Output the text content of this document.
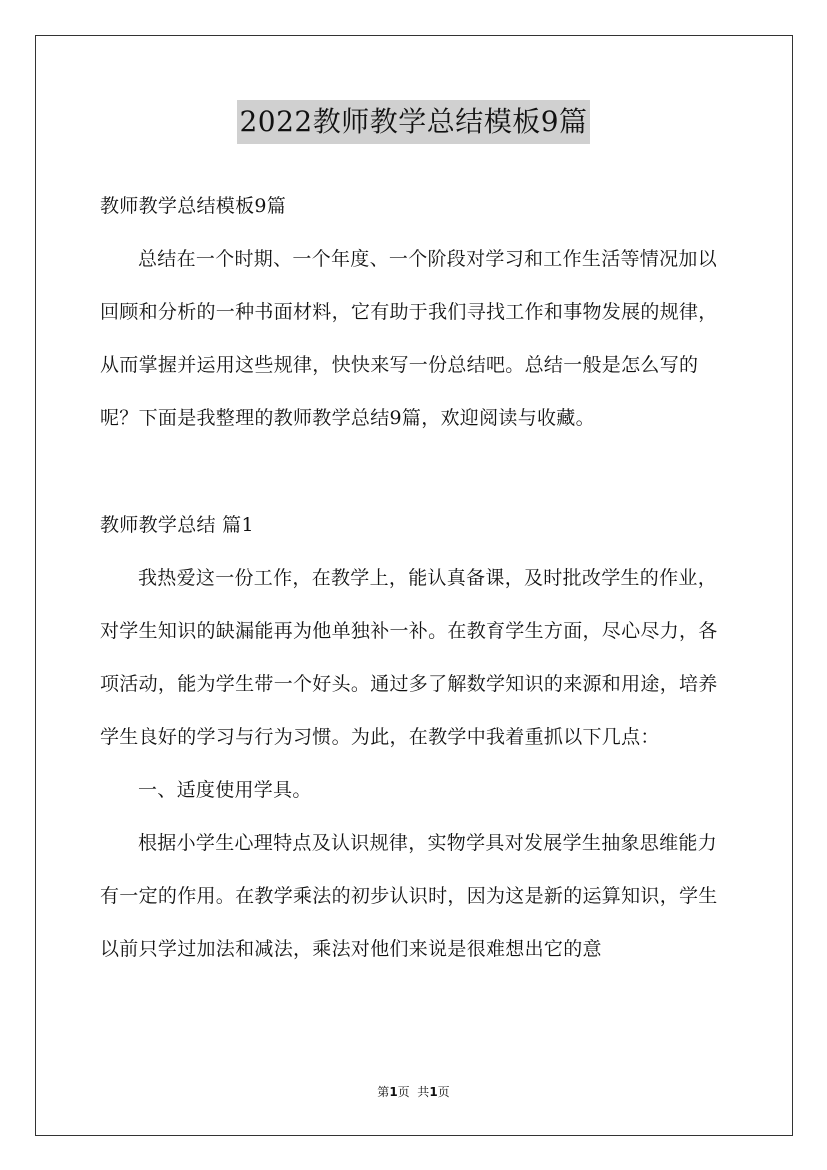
2022教师教学总结模板9篇

教师教学总结模板9篇

总结在一个时期、一个年度、一个阶段对学习和工作生活等情况加以回顾和分析的一种书面材料，它有助于我们寻找工作和事物发展的规律，从而掌握并运用这些规律，快快来写一份总结吧。总结一般是怎么写的呢？下面是我整理的教师教学总结9篇，欢迎阅读与收藏。

教师教学总结 篇1

我热爱这一份工作，在教学上，能认真备课，及时批改学生的作业，对学生知识的缺漏能再为他单独补一补。在教育学生方面，尽心尽力，各项活动，能为学生带一个好头。通过多了解数学知识的来源和用途，培养学生良好的学习与行为习惯。为此，在教学中我着重抓以下几点：

一、适度使用学具。

根据小学生心理特点及认识规律，实物学具对发展学生抽象思维能力有一定的作用。在教学乘法的初步认识时，因为这是新的运算知识，学生以前只学过加法和减法，乘法对他们来说是很难想出它的意

第1页  共1页
